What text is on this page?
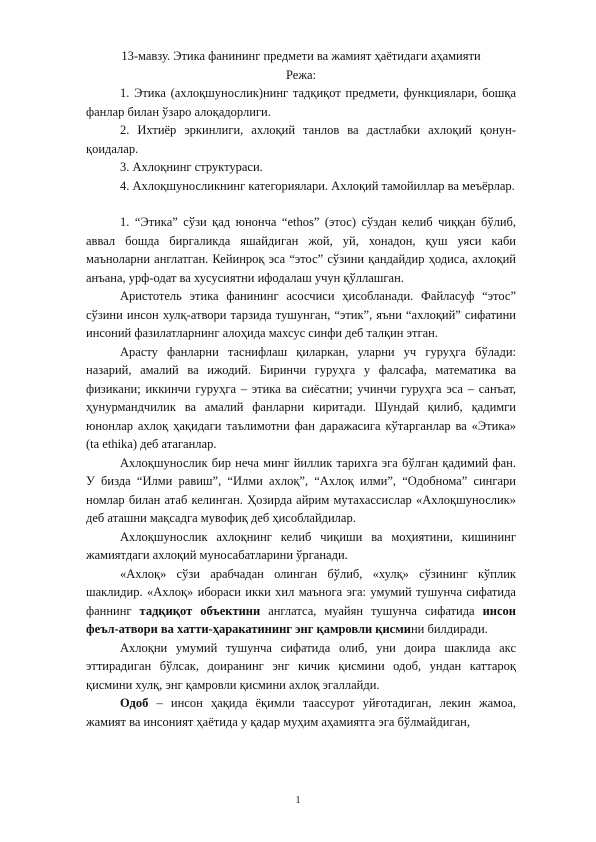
13-мавзу. Этика фанининг предмети ва жамият ҳаётидаги аҳамияти

Режа:

1. Этика (ахлоқшунослик)нинг тадқиқот предмети, функциялари, бошқа фанлар билан ўзаро алоқадорлиги.

2. Ихтиёр эркинлиги, ахлоқий танлов ва дастлабки ахлоқий қонун-қоидалар.

3. Ахлоқнинг структураси.

4. Ахлоқшуносликнинг категориялари. Ахлоқий тамойиллар ва меъёрлар.

1. “Этика” сўзи қад юнонча “ethos” (этос) сўздан келиб чиққан бўлиб, аввал бошда биргаликда яшайдиган жой, уй, хонадон, қуш уяси каби маъноларни англатган. Кейинроқ эса “этос” сўзини қандайдир ҳодиса, ахлоқий анъана, урф-одат ва хусусиятни ифодалаш учун қўллашган.

Аристотель этика фанининг асосчиси ҳисобланади. Файласуф “этос” сўзини инсон хулқ-атвори тарзида тушунган, “этик”, яъни “ахлоқий” сифатини инсоний фазилатларнинг алоҳида махсус синфи деб талқин этган.

Арасту фанларни таснифлаш қиларкан, уларни уч гуруҳга бўлади: назарий, амалий ва ижодий. Биринчи гуруҳга у фалсафа, математика ва физикани; иккинчи гуруҳга – этика ва сиёсатни; учинчи гуруҳга эса – санъат, ҳунурмандчилик ва амалий фанларни киритади. Шундай қилиб, қадимги юнонлар ахлоқ ҳақидаги таълимотни фан даражасига кўтарганлар ва «Этика» (ta ethika) деб атаганлар.

Ахлоқшунослик бир неча минг йиллик тарихга эга бўлган қадимий фан. У бизда “Илми равиш”, “Илми ахлоқ”, “Ахлоқ илми”, “Одобнома” сингари номлар билан атаб келинган. Ҳозирда айрим мутахассислар «Ахлоқшунослик» деб аташни мақсадга мувофиқ деб ҳисоблайдилар.

Ахлоқшунослик ахлоқнинг келиб чиқиши ва моҳиятини, кишининг жамиятдаги ахлоқий муносабатларини ўрганади.

«Ахлоқ» сўзи арабчадан олинган бўлиб, «хулқ» сўзининг кўплик шаклидир. «Ахлоқ» ибораси икки хил маънога эга: умумий тушунча сифатида фаннинг тадқиқот объектини англатса, муайян тушунча сифатида инсон феъл-атвори ва хатти-ҳаракатининг энг қамровли қисмини билдиради.

Ахлоқни умумий тушунча сифатида олиб, уни доира шаклида акс эттирадиган бўлсак, доиранинг энг кичик қисмини одоб, ундан каттароқ қисмини хулқ, энг қамровли қисмини ахлоқ эгаллайди.

Одоб – инсон ҳақида ёқимли таассурот уйғотадиган, лекин жамоа, жамият ва инсоният ҳаётида у қадар муҳим аҳамиятга эга бўлмайдиган,

1
